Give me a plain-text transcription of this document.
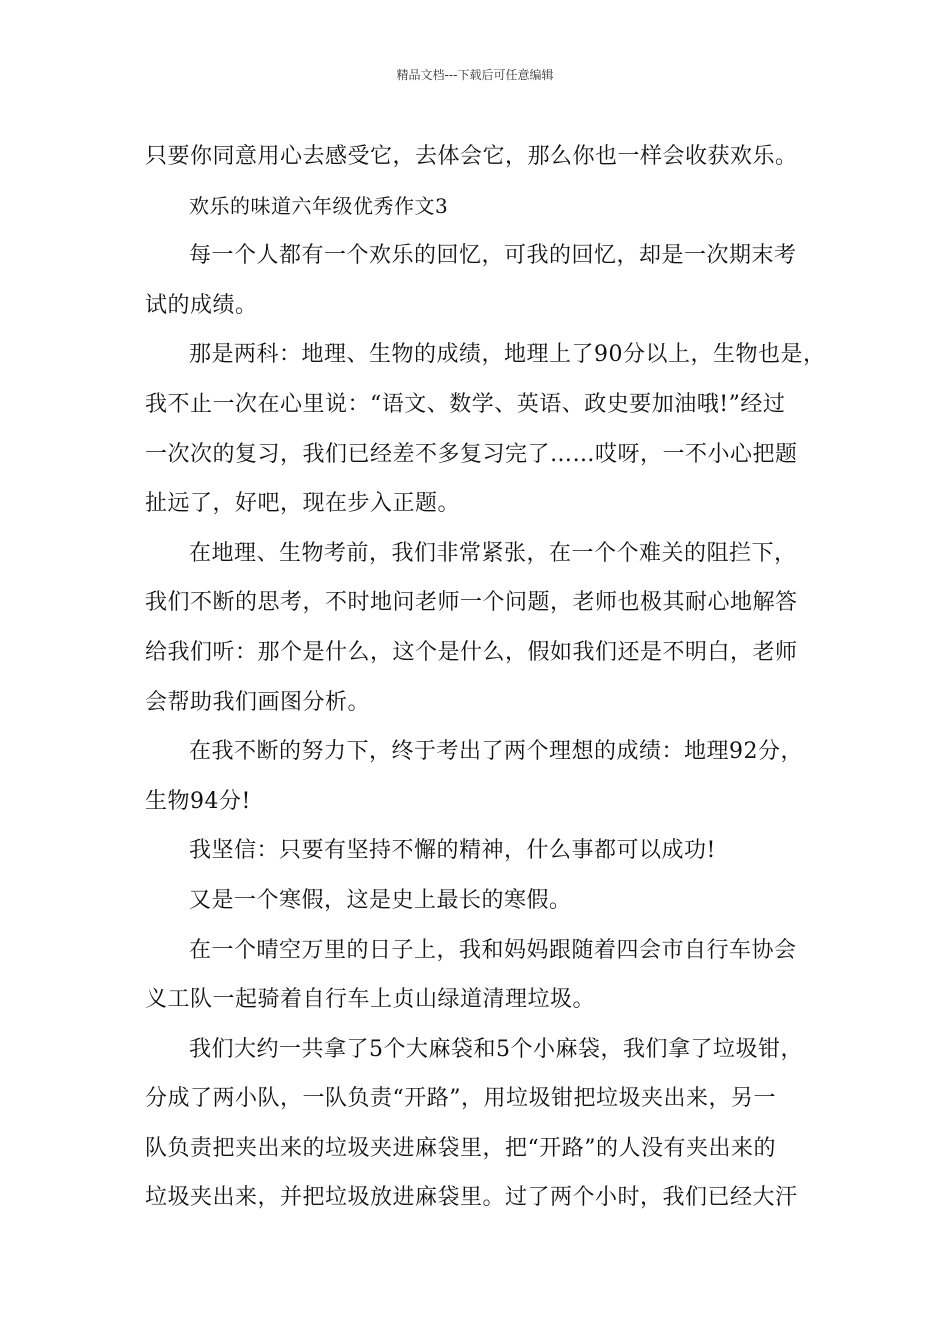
精品文档---下载后可任意编辑

只要你同意用心去感受它，去体会它，那么你也一样会收获欢乐。

欢乐的味道六年级优秀作文3

每一个人都有一个欢乐的回忆，可我的回忆，却是一次期末考
试的成绩。

那是两科：地理、生物的成绩，地理上了90分以上，生物也是，
我不止一次在心里说：“语文、数学、英语、政史要加油哦!”经过
一次次的复习，我们已经差不多复习完了……哎呀，一不小心把题
扯远了，好吧，现在步入正题。

在地理、生物考前，我们非常紧张，在一个个难关的阻拦下，
我们不断的思考，不时地问老师一个问题，老师也极其耐心地解答
给我们听：那个是什么，这个是什么，假如我们还是不明白，老师
会帮助我们画图分析。

在我不断的努力下，终于考出了两个理想的成绩：地理92分，
生物94分!

我坚信：只要有坚持不懈的精神，什么事都可以成功!

又是一个寒假，这是史上最长的寒假。

在一个晴空万里的日子上，我和妈妈跟随着四会市自行车协会
义工队一起骑着自行车上贞山绿道清理垃圾。

我们大约一共拿了5个大麻袋和5个小麻袋，我们拿了垃圾钳，
分成了两小队，一队负责“开路”，用垃圾钳把垃圾夹出来，另一
队负责把夹出来的垃圾夹进麻袋里，把“开路”的人没有夹出来的
垃圾夹出来，并把垃圾放进麻袋里。过了两个小时，我们已经大汗
